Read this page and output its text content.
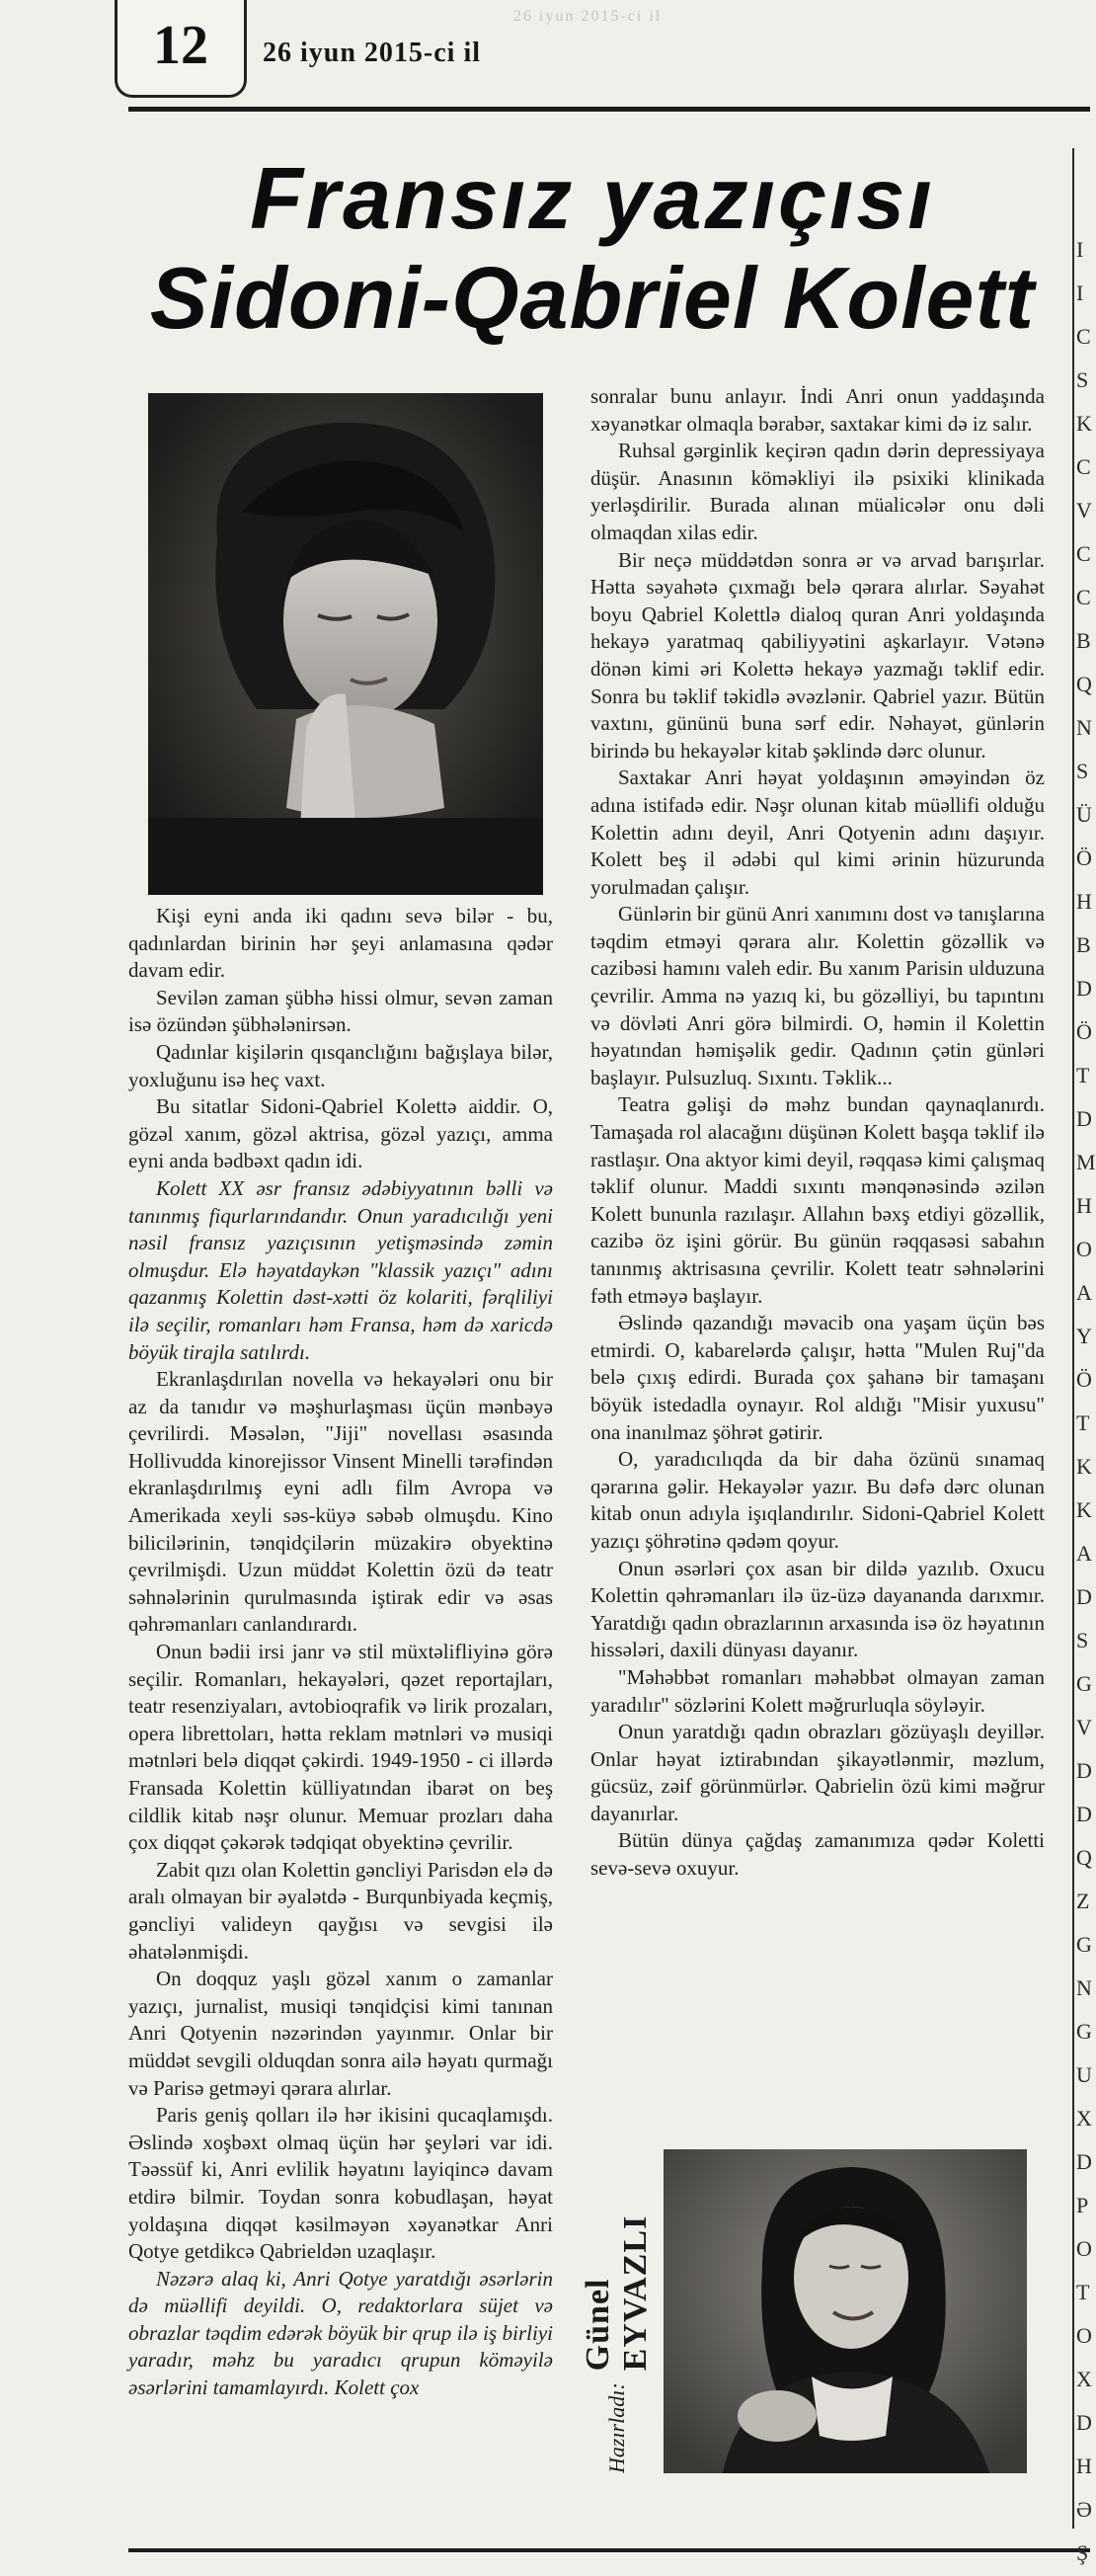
26 iyun 2015-ci il
12	26 iyun 2015-ci il
Fransız yazıçısı
Sidoni-Qabriel Kolett

Kişi eyni anda iki qadını sevə bilər - bu, qadınlardan birinin hər şeyi anlamasına qədər davam edir.

Sevilən zaman şübhə hissi olmur, sevən zaman isə özündən şübhələnirsən.

Qadınlar kişilərin qısqanclığını bağışlaya bilər, yoxluğunu isə heç vaxt.

Bu sitatlar Sidoni-Qabriel Kolettə aiddir. O, gözəl xanım, gözəl aktrisa, gözəl yazıçı, amma eyni anda bədbəxt qadın idi.

Kolett XX əsr fransız ədəbiyyatının bəlli və tanınmış fiqurlarındandır. Onun yaradıcılığı yeni nəsil fransız yazıçısının yetişməsində zəmin olmuşdur. Elə həyatdaykən "klassik yazıçı" adını qazanmış Kolettin dəst-xətti öz kolariti, fərqliliyi ilə seçilir, romanları həm Fransa, həm də xaricdə böyük tirajla satılırdı.

Ekranlaşdırılan novella və hekayələri onu bir az da tanıdır və məşhurlaşması üçün mənbəyə çevrilirdi. Məsələn, "Jiji" novellası əsasında Hollivudda kinorejissor Vinsent Minelli tərəfindən ekranlaşdırılmış eyni adlı film Avropa və Amerikada xeyli səs-küyə səbəb olmuşdu. Kino bilicilərinin, tənqidçilərin müzakirə obyektinə çevrilmişdi. Uzun müddət Kolettin özü də teatr səhnələrinin qurulmasında iştirak edir və əsas qəhrəmanları canlandırardı.

Onun bədii irsi janr və stil müxtəlifliyinə görə seçilir. Romanları, hekayələri, qəzet reportajları, teatr resenziyaları, avtobioqrafik və lirik prozaları, opera librettoları, hətta reklam mətnləri və musiqi mətnləri belə diqqət çəkirdi. 1949-1950 - ci illərdə Fransada Kolettin külliyatından ibarət on beş cildlik kitab nəşr olunur. Memuar prozları daha çox diqqət çəkərək tədqiqat obyektinə çevrilir.

Zabit qızı olan Kolettin gəncliyi Parisdən elə də aralı olmayan bir əyalətdə - Burqunbiyada keçmiş, gəncliyi valideyn qayğısı və sevgisi ilə əhatələnmişdi.

On doqquz yaşlı gözəl xanım o zamanlar yazıçı, jurnalist, musiqi tənqidçisi kimi tanınan Anri Qotyenin nəzərindən yayınmır. Onlar bir müddət sevgili olduqdan sonra ailə həyatı qurmağı və Parisə getməyi qərara alırlar.

Paris geniş qolları ilə hər ikisini qucaqlamışdı. Əslində xoşbəxt olmaq üçün hər şeyləri var idi. Təəssüf ki, Anri evlilik həyatını layiqincə davam etdirə bilmir. Toydan sonra kobudlaşan, həyat yoldaşına diqqət kəsilməyən xəyanətkar Anri Qotye getdikcə Qabrieldən uzaqlaşır.

Nəzərə alaq ki, Anri Qotye yaratdığı əsərlərin də müəllifi deyildi. O, redaktorlara süjet və obrazlar təqdim edərək böyük bir qrup ilə iş birliyi yaradır, məhz bu yaradıcı qrupun köməyilə əsərlərini tamamlayırdı. Kolett çox

sonralar bunu anlayır. İndi Anri onun yaddaşında xəyanətkar olmaqla bərabər, saxtakar kimi də iz salır.

Ruhsal gərginlik keçirən qadın dərin depressiyaya düşür. Anasının köməkliyi ilə psixiki klinikada yerləşdirilir. Burada alınan müalicələr onu dəli olmaqdan xilas edir.

Bir neçə müddətdən sonra ər və arvad barışırlar. Hətta səyahətə çıxmağı belə qərara alırlar. Səyahət boyu Qabriel Kolettlə dialoq quran Anri yoldaşında hekayə yaratmaq qabiliyyətini aşkarlayır. Vətənə dönən kimi əri Kolettə hekayə yazmağı təklif edir. Sonra bu təklif təkidlə əvəzlənir. Qabriel yazır. Bütün vaxtını, gününü buna sərf edir. Nəhayət, günlərin birində bu hekayələr kitab şəklində dərc olunur.

Saxtakar Anri həyat yoldaşının əməyindən öz adına istifadə edir. Nəşr olunan kitab müəllifi olduğu Kolettin adını deyil, Anri Qotyenin adını daşıyır. Kolett beş il ədəbi qul kimi ərinin hüzurunda yorulmadan çalışır.

Günlərin bir günü Anri xanımını dost və tanışlarına təqdim etməyi qərara alır. Kolettin gözəllik və cazibəsi hamını valeh edir. Bu xanım Parisin ulduzuna çevrilir. Amma nə yazıq ki, bu gözəlliyi, bu tapıntını və dövləti Anri görə bilmirdi. O, həmin il Kolettin həyatından həmişəlik gedir. Qadının çətin günləri başlayır. Pulsuzluq. Sıxıntı. Təklik...

Teatra gəlişi də məhz bundan qaynaqlanırdı. Tamaşada rol alacağını düşünən Kolett başqa təklif ilə rastlaşır. Ona aktyor kimi deyil, rəqqasə kimi çalışmaq təklif olunur. Maddi sıxıntı mənqənəsində əzilən Kolett bununla razılaşır. Allahın bəxş etdiyi gözəllik, cazibə öz işini görür. Bu günün rəqqasəsi sabahın tanınmış aktrisasına çevrilir. Kolett teatr səhnələrini fəth etməyə başlayır.

Əslində qazandığı məvacib ona yaşam üçün bəs etmirdi. O, kabarelərdə çalışır, hətta "Mulen Ruj"da belə çıxış edirdi. Burada çox şahanə bir tamaşanı böyük istedadla oynayır. Rol aldığı "Misir yuxusu" ona inanılmaz şöhrət gətirir.

O, yaradıcılıqda da bir daha özünü sınamaq qərarına gəlir. Hekayələr yazır. Bu dəfə dərc olunan kitab onun adıyla işıqlandırılır. Sidoni-Qabriel Kolett yazıçı şöhrətinə qədəm qoyur.

Onun əsərləri çox asan bir dildə yazılıb. Oxucu Kolettin qəhrəmanları ilə üz-üzə dayananda darıxmır. Yaratdığı qadın obrazlarının arxasında isə öz həyatının hissələri, daxili dünyası dayanır.

"Məhəbbət romanları məhəbbət olmayan zaman yaradılır" sözlərini Kolett məğrurluqla söyləyir.

Onun yaratdığı qadın obrazları gözüyaşlı deyillər. Onlar həyat iztirabından şikayətlənmir, məzlum, gücsüz, zəif görünmürlər. Qabrielin özü kimi məğrur dayanırlar.

Bütün dünya çağdaş zamanımıza qədər Koletti sevə-sevə oxuyur.

Hazırladı:
Günel EYVAZLI
I
I
C
S
K
C
V
C
C
B
Q
N
S
Ü
Ö
H
B
D
Ö
T
D
M
H
O
A
Y
Ö
T
K
K
A
D
S
G
V
D
D
Q
Z
G
N
G
U
X
D
P
O
T
O
X
D
H
Ə
Ş
